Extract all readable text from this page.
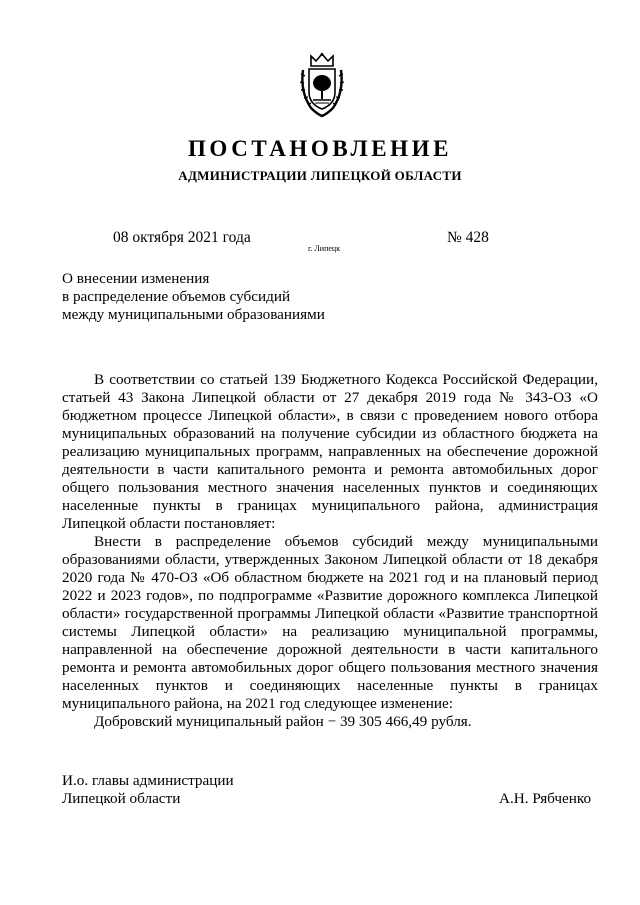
ПОСТАНОВЛЕНИЕ
АДМИНИСТРАЦИИ ЛИПЕЦКОЙ ОБЛАСТИ
08 октября 2021 года
г. Липецк
№ 428
О внесении изменения
в распределение объемов субсидий
между муниципальными образованиями

В соответствии со статьей 139 Бюджетного Кодекса Российской Федерации, статьей 43 Закона Липецкой области от 27 декабря 2019 года № 343-ОЗ «О бюджетном процессе Липецкой области», в связи с проведением нового отбора муниципальных образований на получение субсидии из областного бюджета на реализацию муниципальных программ, направленных на обеспечение дорожной деятельности в части капитального ремонта и ремонта автомобильных дорог общего пользования местного значения населенных пунктов и соединяющих населенные пункты в границах муниципального района, администрация Липецкой области постановляет:

Внести в распределение объемов субсидий между муниципальными образованиями области, утвержденных Законом Липецкой области от 18 декабря 2020 года № 470-ОЗ «Об областном бюджете на 2021 год и на плановый период 2022 и 2023 годов», по подпрограмме «Развитие дорожного комплекса Липецкой области» государственной программы Липецкой области «Развитие транспортной системы Липецкой области» на реализацию муниципальной программы, направленной на обеспечение дорожной деятельности в части капитального ремонта и ремонта автомобильных дорог общего пользования местного значения населенных пунктов и соединяющих населенные пункты в границах муниципального района, на 2021 год следующее изменение:

Добровский муниципальный район − 39 305 466,49 рубля.

И.о. главы администрации
Липецкой области	А.Н. Рябченко
